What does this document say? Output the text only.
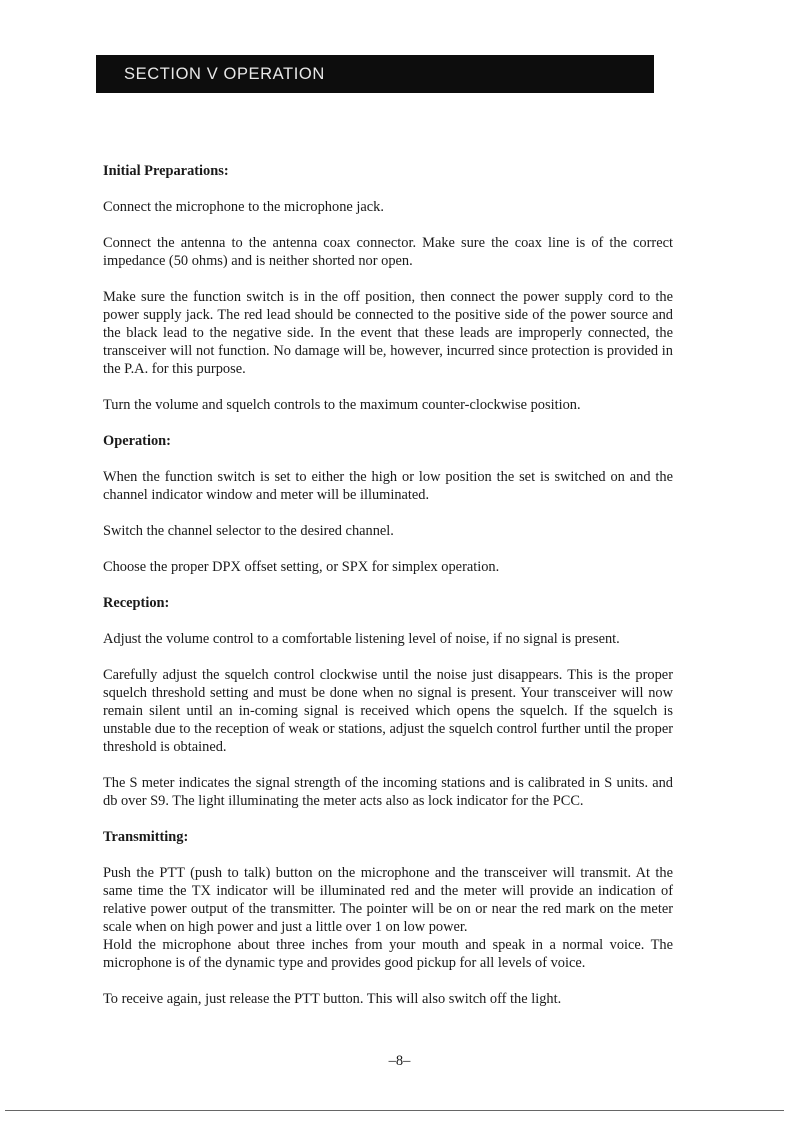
SECTION V OPERATION
Initial Preparations:

Connect the microphone to the microphone jack.

Connect the antenna to the antenna coax connector. Make sure the coax line is of the correct impedance (50 ohms) and is neither shorted nor open.

Make sure the function switch is in the off position, then connect the power supply cord to the power supply jack. The red lead should be connected to the positive side of the power source and the black lead to the negative side. In the event that these leads are improperly connected, the transceiver will not function. No damage will be, however, incurred since protection is provided in the P.A. for this purpose.

Turn the volume and squelch controls to the maximum counter-clockwise position.

Operation:

When the function switch is set to either the high or low position the set is switched on and the channel indicator window and meter will be illuminated.

Switch the channel selector to the desired channel.

Choose the proper DPX offset setting, or SPX for simplex operation.

Reception:

Adjust the volume control to a comfortable listening level of noise, if no signal is present.

Carefully adjust the squelch control clockwise until the noise just disappears. This is the proper squelch threshold setting and must be done when no signal is present. Your transceiver will now remain silent until an in-coming signal is received which opens the squelch. If the squelch is unstable due to the reception of weak or stations, adjust the squelch control further until the proper threshold is obtained.

The S meter indicates the signal strength of the incoming stations and is calibrated in S units. and db over S9. The light illuminating the meter acts also as lock indicator for the PCC.

Transmitting:

Push the PTT (push to talk) button on the microphone and the transceiver will transmit. At the same time the TX indicator will be illuminated red and the meter will provide an indication of relative power output of the transmitter. The pointer will be on or near the red mark on the meter scale when on high power and just a little over 1 on low power.

Hold the microphone about three inches from your mouth and speak in a normal voice. The microphone is of the dynamic type and provides good pickup for all levels of voice.

To receive again, just release the PTT button. This will also switch off the light.

–8–
